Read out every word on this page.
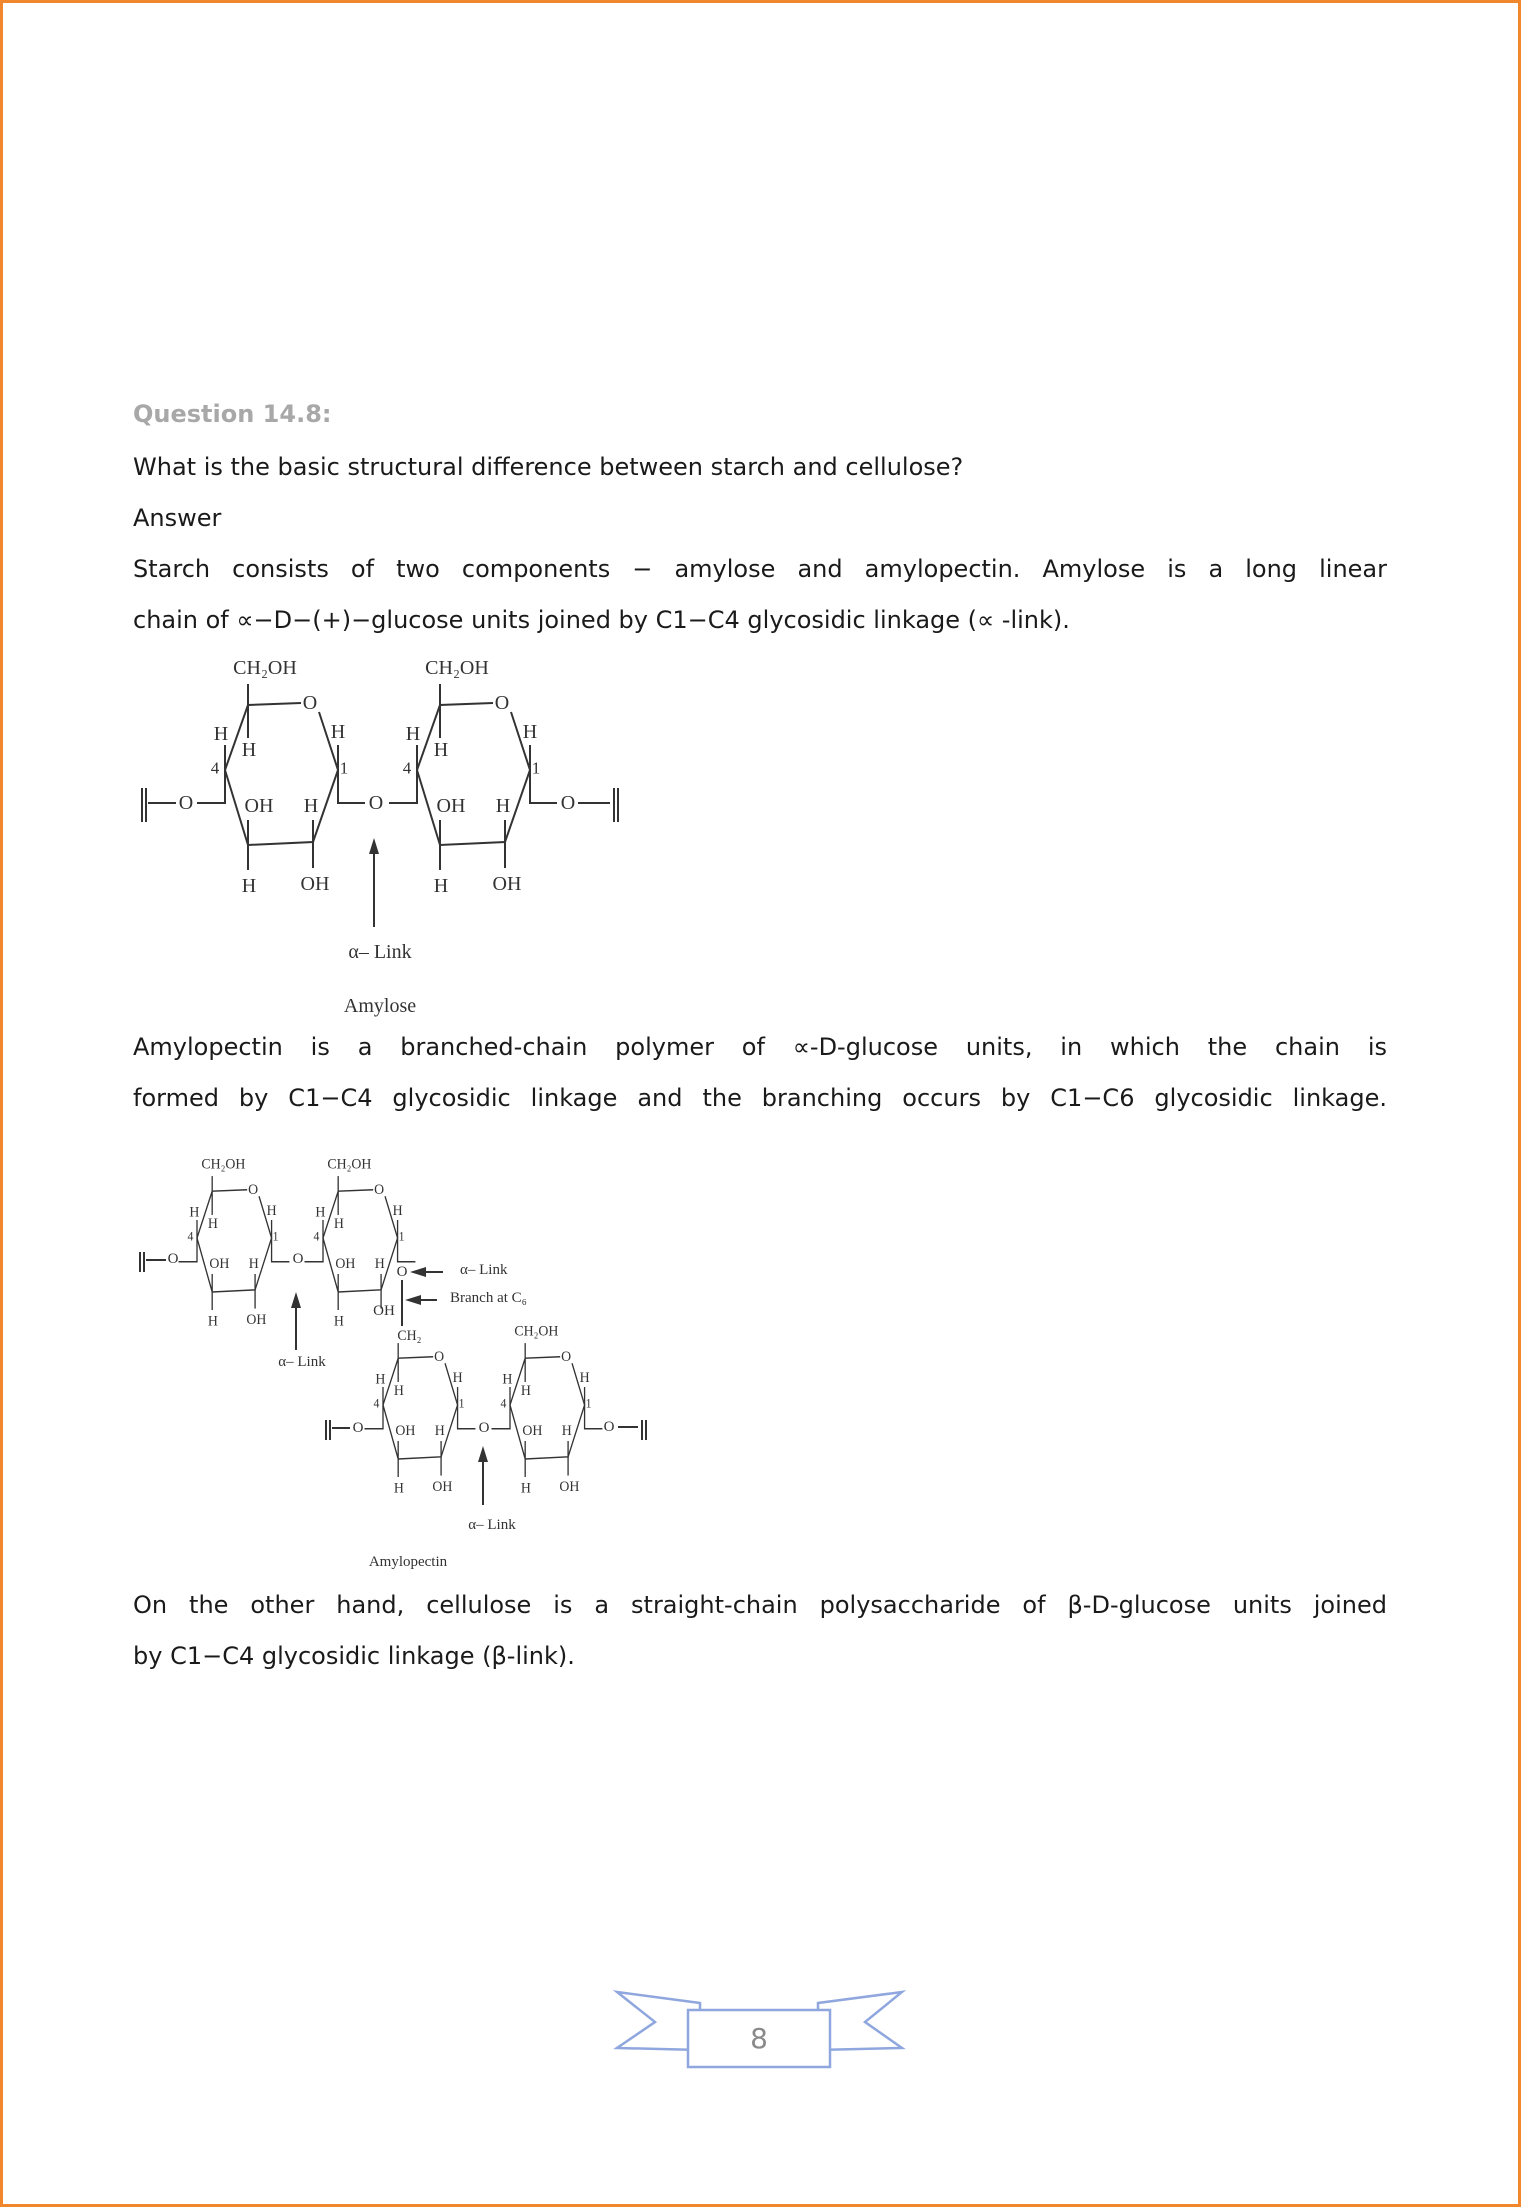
Question 14.8:
What is the basic structural difference between starch and cellulose?
Answer
Starch consists of two components − amylose and amylopectin. Amylose is a long linear
chain of ∝−D−(+)−glucose units joined by C1−C4 glycosidic linkage (∝ -link).
Amylopectin is a branched-chain polymer of ∝-D-glucose units, in which the chain is
formed by C1−C4 glycosidic linkage and the branching occurs by C1−C6 glycosidic linkage.
On the other hand, cellulose is a straight-chain polysaccharide of β-D-glucose units joined
by C1−C4 glycosidic linkage (β-link).
O
CH₂OH
H
H
4
H
1
OH H
H OH
O
CH₂OH
H
H
4
H
1
OH H
H OH
O	O	O
α– Link
Amylose
O
CH₂OH
H
H
4
H
1
OH H
H OH
O
CH₂OH
H
H
4
H
1
OH H
H
O
CH₂
H
H
4
H
1
OH H
H OH
O
CH₂OH
H
H
4
H
1
OH H
H OH
O	O
O
OH
α– Link
Branch at C₆
O	O	O
α– Link
α– Link
Amylopectin
8
